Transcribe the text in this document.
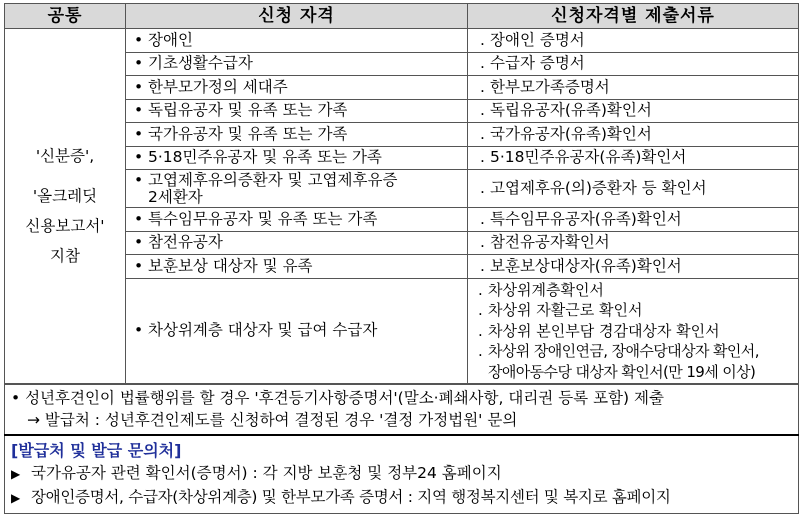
공통	신청 자격	신청자격별 제출서류

'신분증',
'올크레딧
신용보고서'
지참	• 장애인	. 장애인 증명서
	• 기초생활수급자	. 수급자 증명서
	• 한부모가정의 세대주	. 한부모가족증명서
	• 독립유공자 및 유족 또는 가족	. 독립유공자(유족)확인서
	• 국가유공자 및 유족 또는 가족	. 국가유공자(유족)확인서
	• 5·18민주유공자 및 유족 또는 가족	. 5·18민주유공자(유족)확인서

	• 고엽제후유의증환자 및 고엽제후유증
2세환자	. 고엽제후유(의)증환자 등 확인서
	• 특수임무유공자 및 유족 또는 가족	. 특수임무유공자(유족)확인서
	• 참전유공자	. 참전유공자확인서
	• 보훈보상 대상자 및 유족	. 보훈보상대상자(유족)확인서
	• 차상위계층 대상자 및 급여 수급자	. 차상위계층확인서
. 차상위 자활근로 확인서
. 차상위 본인부담 경감대상자 확인서
. 차상위 장애인연금, 장애수당대상자 확인서,
장애아동수당 대상자 확인서(만 19세 이상)

• 성년후견인이 법률행위를 할 경우 '후견등기사항증명서'(말소·폐쇄사항, 대리권 등록 포함) 제출
→ 발급처 : 성년후견인제도를 신청하여 결정된 경우 '결정 가정법원' 문의		

[발급처 및 발급 문의처]
▶ 국가유공자 관련 확인서(증명서) : 각 지방 보훈청 및 정부24 홈페이지
▶ 장애인증명서, 수급자(차상위계층) 및 한부모가족 증명서 : 지역 행정복지센터 및 복지로 홈페이지		
